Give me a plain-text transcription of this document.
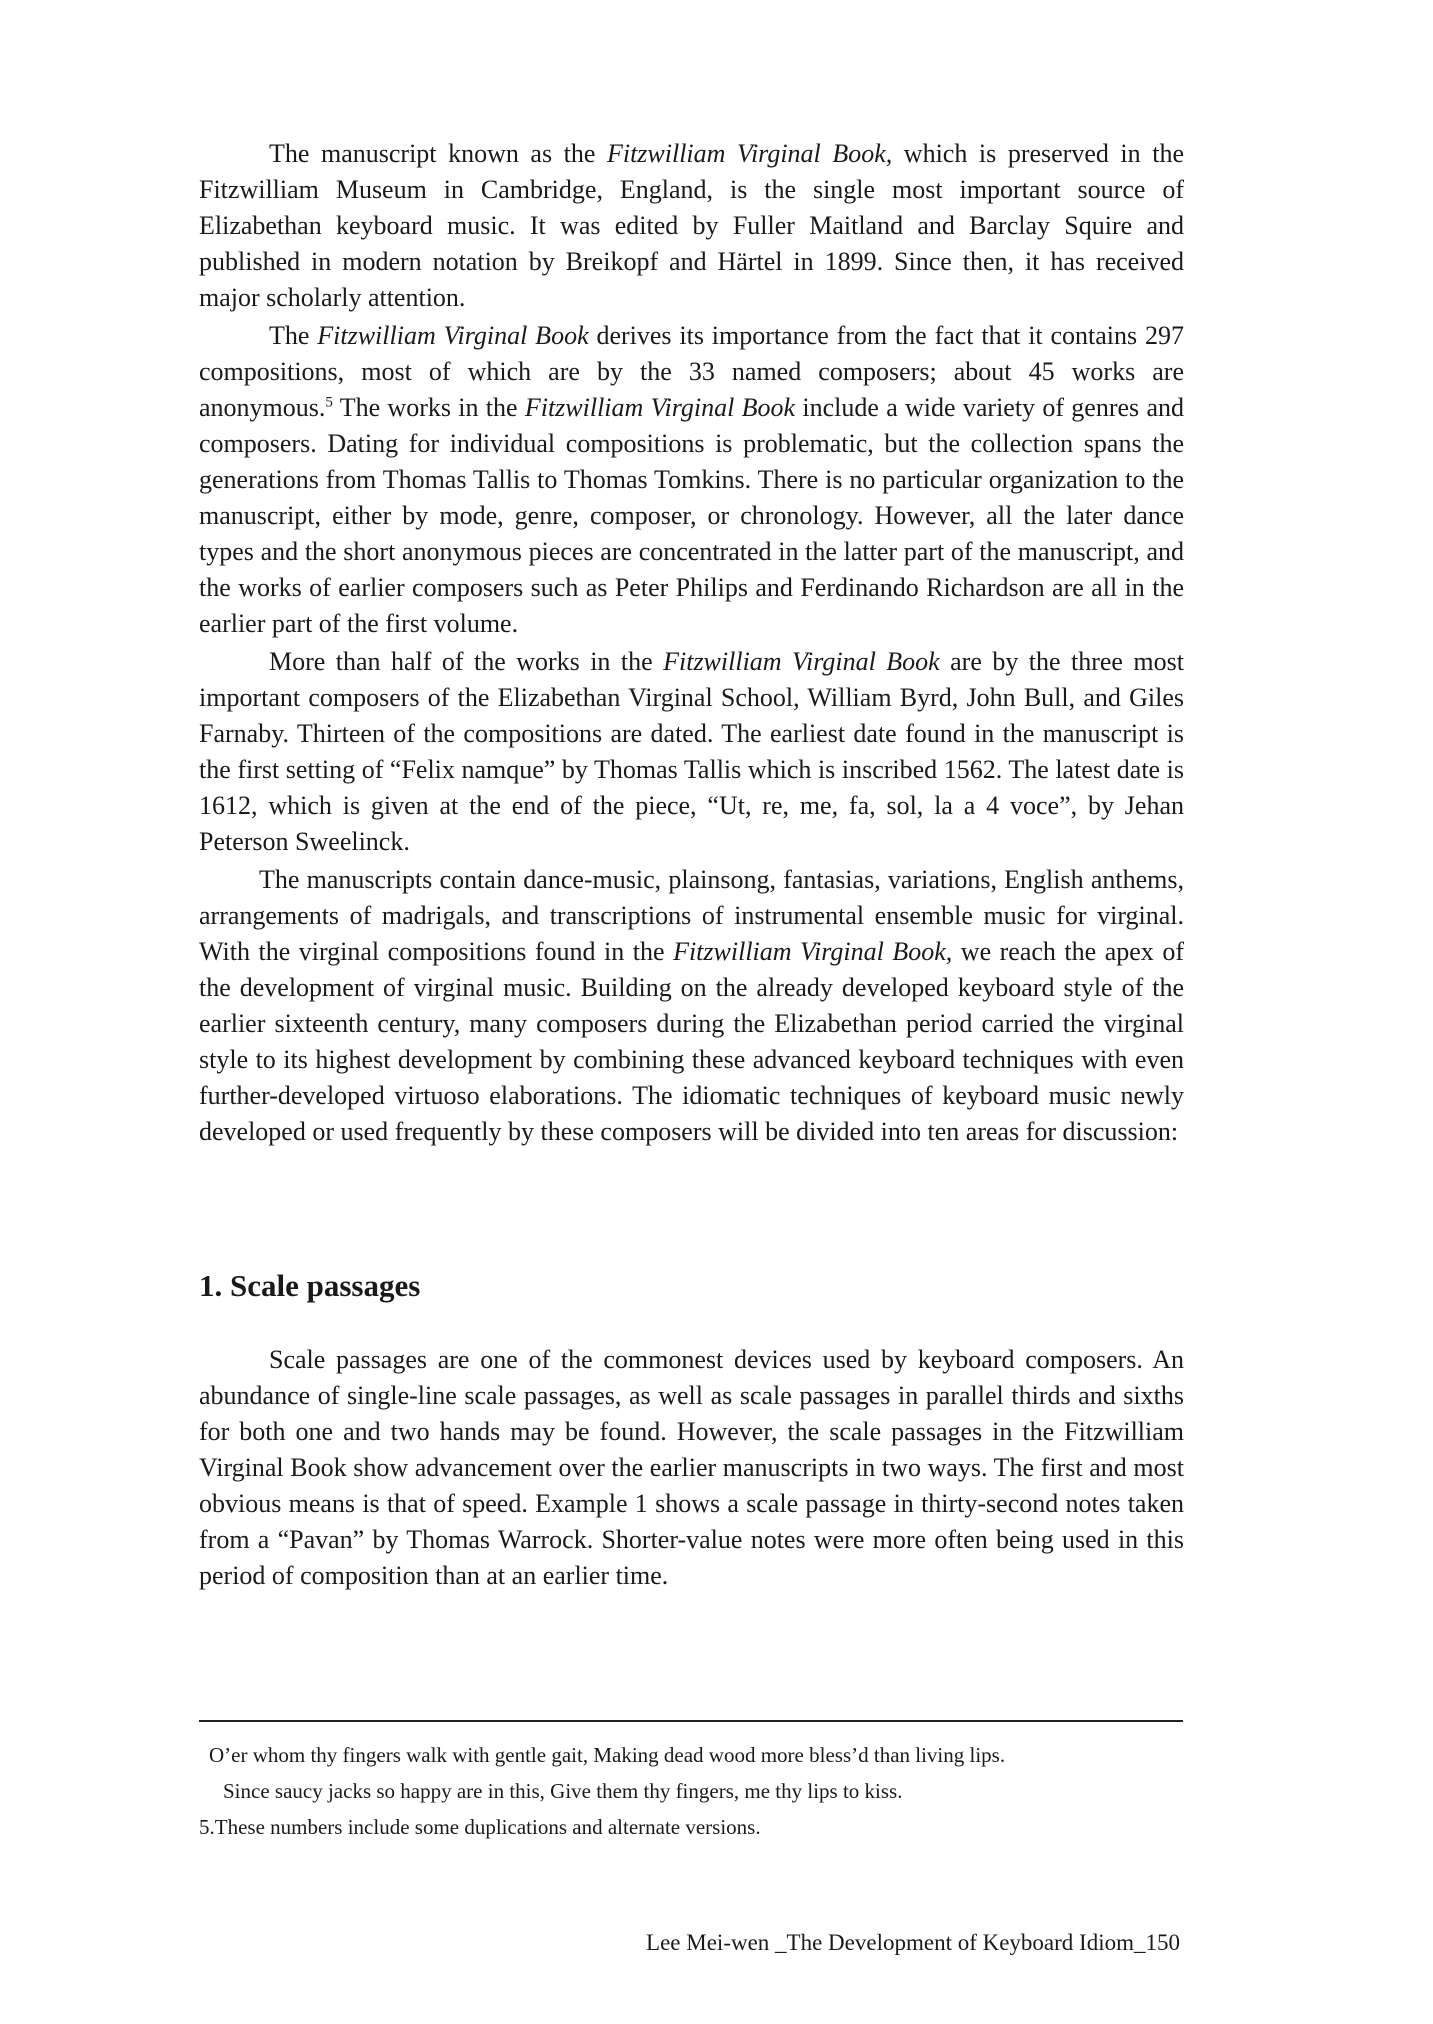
The manuscript known as the Fitzwilliam Virginal Book, which is preserved in the Fitzwilliam Museum in Cambridge, England, is the single most important source of Elizabethan keyboard music. It was edited by Fuller Maitland and Barclay Squire and published in modern notation by Breikopf and Härtel in 1899. Since then, it has received major scholarly attention.

The Fitzwilliam Virginal Book derives its importance from the fact that it contains 297 compositions, most of which are by the 33 named composers; about 45 works are anonymous.$^5$ The works in the Fitzwilliam Virginal Book include a wide variety of genres and composers. Dating for individual compositions is problematic, but the collection spans the generations from Thomas Tallis to Thomas Tomkins. There is no particular organization to the manuscript, either by mode, genre, composer, or chronology. However, all the later dance types and the short anonymous pieces are concentrated in the latter part of the manuscript, and the works of earlier composers such as Peter Philips and Ferdinando Richardson are all in the earlier part of the first volume.

More than half of the works in the Fitzwilliam Virginal Book are by the three most important composers of the Elizabethan Virginal School, William Byrd, John Bull, and Giles Farnaby. Thirteen of the compositions are dated. The earliest date found in the manuscript is the first setting of “Felix namque” by Thomas Tallis which is inscribed 1562. The latest date is 1612, which is given at the end of the piece, “Ut, re, me, fa, sol, la a 4 voce”, by Jehan Peterson Sweelinck.

The manuscripts contain dance-music, plainsong, fantasias, variations, English anthems, arrangements of madrigals, and transcriptions of instrumental ensemble music for virginal. With the virginal compositions found in the Fitzwilliam Virginal Book, we reach the apex of the development of virginal music. Building on the already developed keyboard style of the earlier sixteenth century, many composers during the Elizabethan period carried the virginal style to its highest development by combining these advanced keyboard techniques with even further-developed virtuoso elaborations. The idiomatic techniques of keyboard music newly developed or used frequently by these composers will be divided into ten areas for discussion:

1. Scale passages

Scale passages are one of the commonest devices used by keyboard composers. An abundance of single-line scale passages, as well as scale passages in parallel thirds and sixths for both one and two hands may be found. However, the scale passages in the Fitzwilliam Virginal Book show advancement over the earlier manuscripts in two ways. The first and most obvious means is that of speed. Example 1 shows a scale passage in thirty-second notes taken from a “Pavan” by Thomas Warrock. Shorter-value notes were more often being used in this period of composition than at an earlier time.

O’er whom thy fingers walk with gentle gait, Making dead wood more bless’d than living lips.

Since saucy jacks so happy are in this, Give them thy fingers, me thy lips to kiss.

5.These numbers include some duplications and alternate versions.

Lee Mei-wen _The Development of Keyboard Idiom_150
